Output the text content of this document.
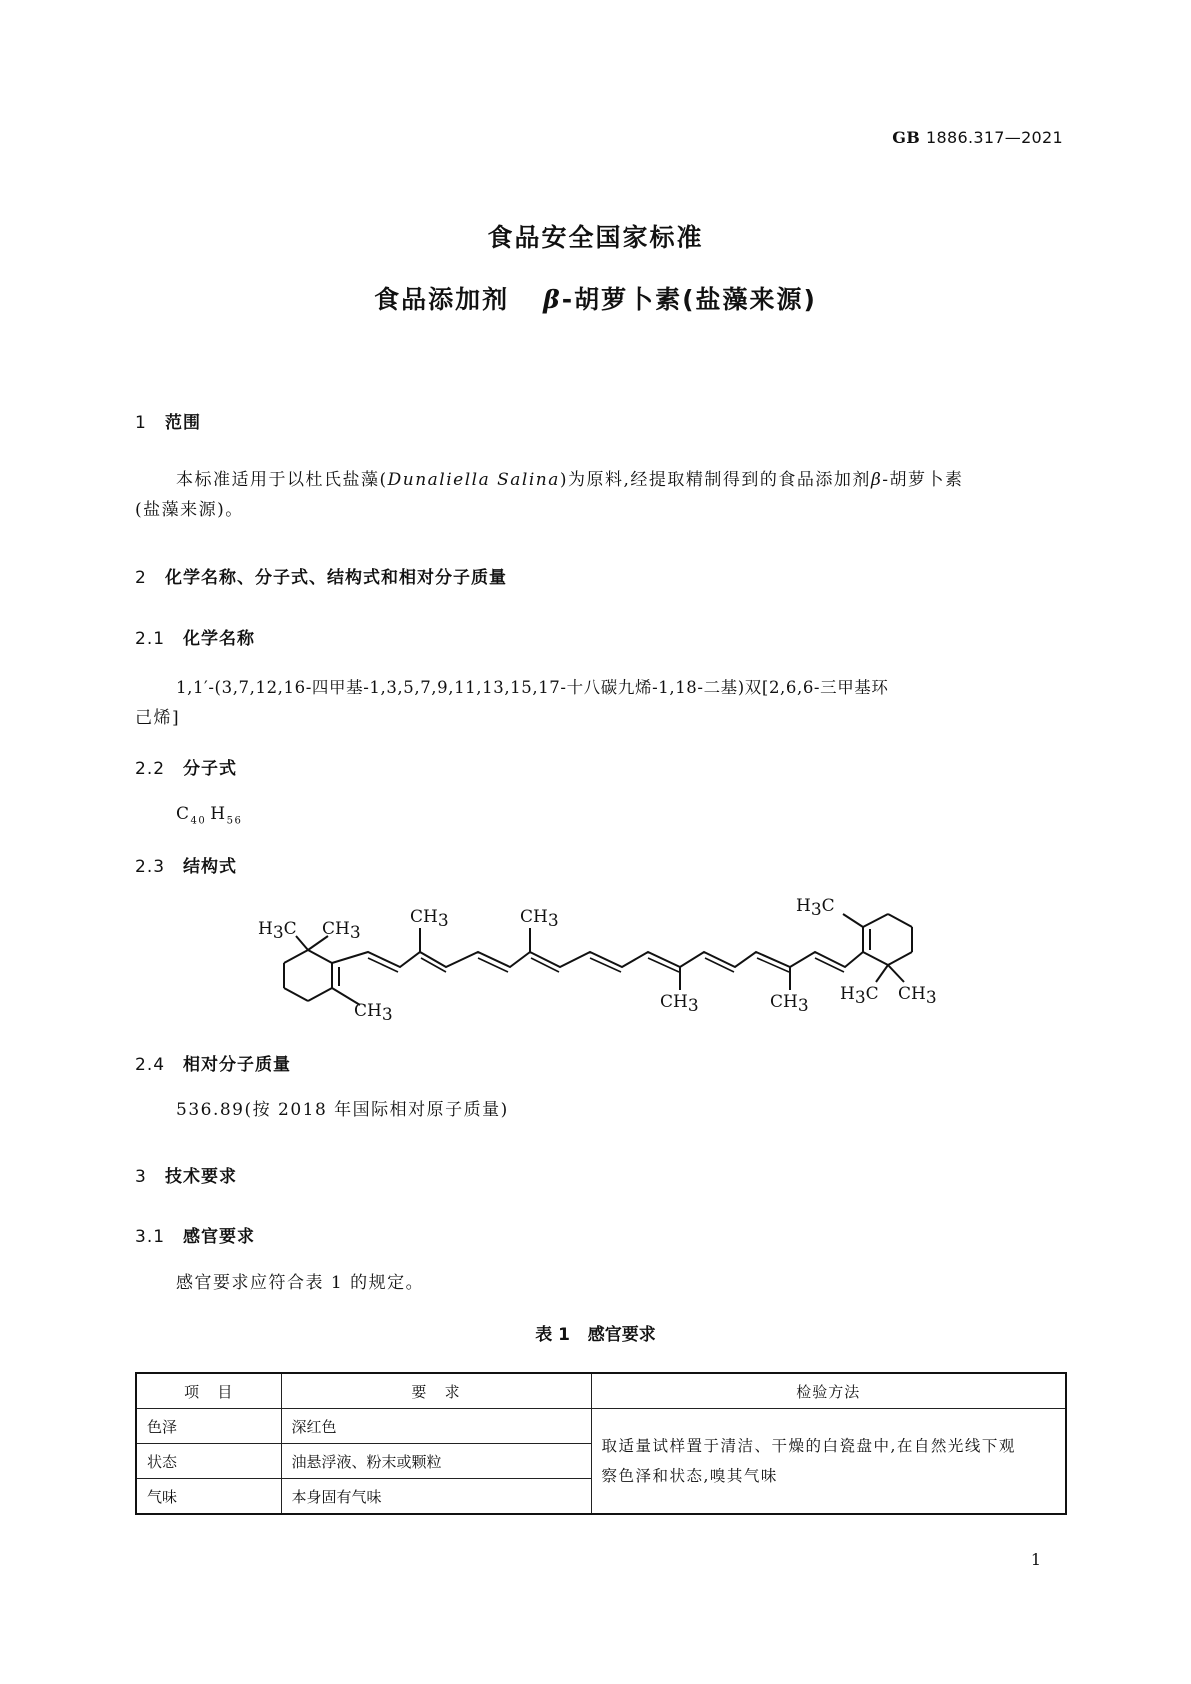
GB 1886.317—2021
食品安全国家标准
食品添加剂 β-胡萝卜素(盐藻来源)
1 范围
本标准适用于以杜氏盐藻(Dunaliella Salina)为原料,经提取精制得到的食品添加剂β-胡萝卜素
(盐藻来源)。
2 化学名称、分子式、结构式和相对分子质量
2.1 化学名称
1,1′-(3,7,12,16-四甲基-1,3,5,7,9,11,13,15,17-十八碳九烯-1,18-二基)双[2,6,6-三甲基环
己烯]
2.2 分子式
$C_{40}$ $H_{56}$
2.3 结构式
H3C CH3
CH3
CH3	CH3
CH3	CH3
H3C
H3C CH3
2.4 相对分子质量
536.89(按 2018 年国际相对原子质量)
3 技术要求
3.1 感官要求
感官要求应符合表 1 的规定。
表 1   感官要求
项   目	要   求	检验方法
色泽	深红色	取适量试样置于清洁、干燥的白瓷盘中,在自然光线下观
察色泽和状态,嗅其气味

状态	油悬浮液、粉末或颗粒	
气味	本身固有气味	
1
